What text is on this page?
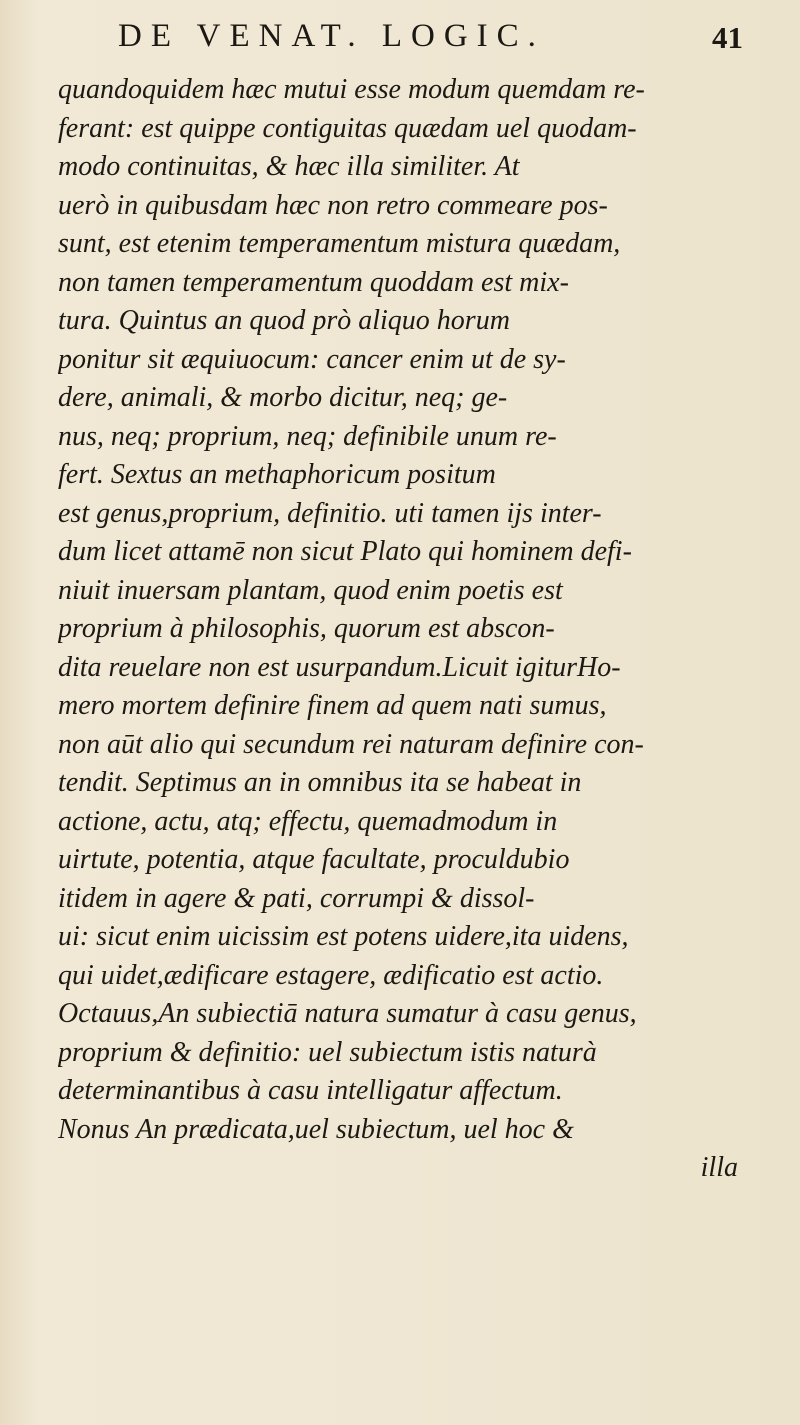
DE VENAT. LOGIC.	41
quandoquidem hæc mutui esse modum quemdam re-
ferant: est quippe contiguitas quædam uel quodam-
modo continuitas, & hæc illa similiter. At
uerò in quibusdam hæc non retro commeare pos-
sunt, est etenim temperamentum mistura quædam,
non tamen temperamentum quoddam est mix-
tura. Quintus an quod prò aliquo horum
ponitur sit æquiuocum: cancer enim ut de sy-
dere, animali, & morbo dicitur, neq; ge-
nus, neq; proprium, neq; definibile unum re-
fert. Sextus an methaphoricum positum
est genus,proprium, definitio. uti tamen ijs inter-
dum licet attamē non sicut Plato qui hominem defi-
niuit inuersam plantam, quod enim poetis est
proprium à philosophis, quorum est abscon-
dita reuelare non est usurpandum.Licuit igiturHo-
mero mortem definire finem ad quem nati sumus,
non aūt alio qui secundum rei naturam definire con-
tendit. Septimus an in omnibus ita se habeat in
actione, actu, atq; effectu, quemadmodum in
uirtute, potentia, atque facultate, proculdubio
itidem in agere & pati, corrumpi & dissol-
ui: sicut enim uicissim est potens uidere,ita uidens,
qui uidet,ædificare estagere, ædificatio est actio.
Octauus,An subiectiā natura sumatur à casu genus,
proprium & definitio: uel subiectum istis naturà
determinantibus à casu intelligatur affectum.
Nonus An prædicata,uel subiectum, uel hoc &
illa
